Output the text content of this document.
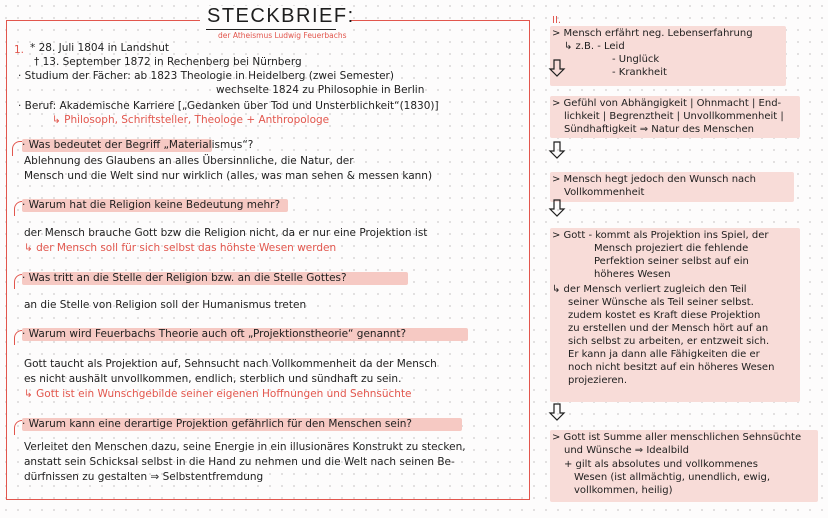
STECKBRIEF:
der Atheismus Ludwig Feuerbachs
1. * 28. Juli 1804 in Landshut
† 13. September 1872 in Rechenberg bei Nürnberg
· Studium der Fächer: ab 1823 Theologie in Heidelberg (zwei Semester)
wechselte 1824 zu Philosophie in Berlin
· Beruf: Akademische Karriere [„Gedanken über Tod und Unsterblichkeit“(1830)]
↳ Philosoph, Schriftsteller, Theologe + Anthropologe
· Was bedeutet der Begriff „Materialismus“?
Ablehnung des Glaubens an alles Übersinnliche, die Natur, der
Mensch und die Welt sind nur wirklich (alles, was man sehen & messen kann)
· Warum hat die Religion keine Bedeutung mehr?
der Mensch brauche Gott bzw die Religion nicht, da er nur eine Projektion ist
↳ der Mensch soll für sich selbst das höhste Wesen werden
· Was tritt an die Stelle der Religion bzw. an die Stelle Gottes?
an die Stelle von Religion soll der Humanismus treten
· Warum wird Feuerbachs Theorie auch oft „Projektionstheorie“ genannt?
Gott taucht als Projektion auf, Sehnsucht nach Vollkommenheit da der Mensch
es nicht aushält unvollkommen, endlich, sterblich und sündhaft zu sein.
↳ Gott ist ein Wunschgebilde seiner eigenen Hoffnungen und Sehnsüchte
· Warum kann eine derartige Projektion gefährlich für den Menschen sein?
Verleitet den Menschen dazu, seine Energie in ein illusionäres Konstrukt zu stecken,
anstatt sein Schicksal selbst in die Hand zu nehmen und die Welt nach seinen Be-
dürfnissen zu gestalten ⇒ Selbstentfremdung
II.
> Mensch erfährt neg. Lebenserfahrung
↳ z.B. - Leid
- Unglück
- Krankheit
> Gefühl von Abhängigkeit | Ohnmacht | End-
lichkeit | Begrenztheit | Unvollkommenheit |
Sündhaftigkeit ⇒ Natur des Menschen
> Mensch hegt jedoch den Wunsch nach
Vollkommenheit
> Gott - kommt als Projektion ins Spiel, der
Mensch projeziert die fehlende
Perfektion seiner selbst auf ein
höheres Wesen
↳ der Mensch verliert zugleich den Teil
seiner Wünsche als Teil seiner selbst.
zudem kostet es Kraft diese Projektion
zu erstellen und der Mensch hört auf an
sich selbst zu arbeiten, er entzweit sich.
Er kann ja dann alle Fähigkeiten die er
noch nicht besitzt auf ein höheres Wesen
projezieren.
> Gott ist Summe aller menschlichen Sehnsüchte
und Wünsche ⇒ Idealbild
+ gilt als absolutes und vollkommenes
Wesen (ist allmächtig, unendlich, ewig,
vollkommen, heilig)
